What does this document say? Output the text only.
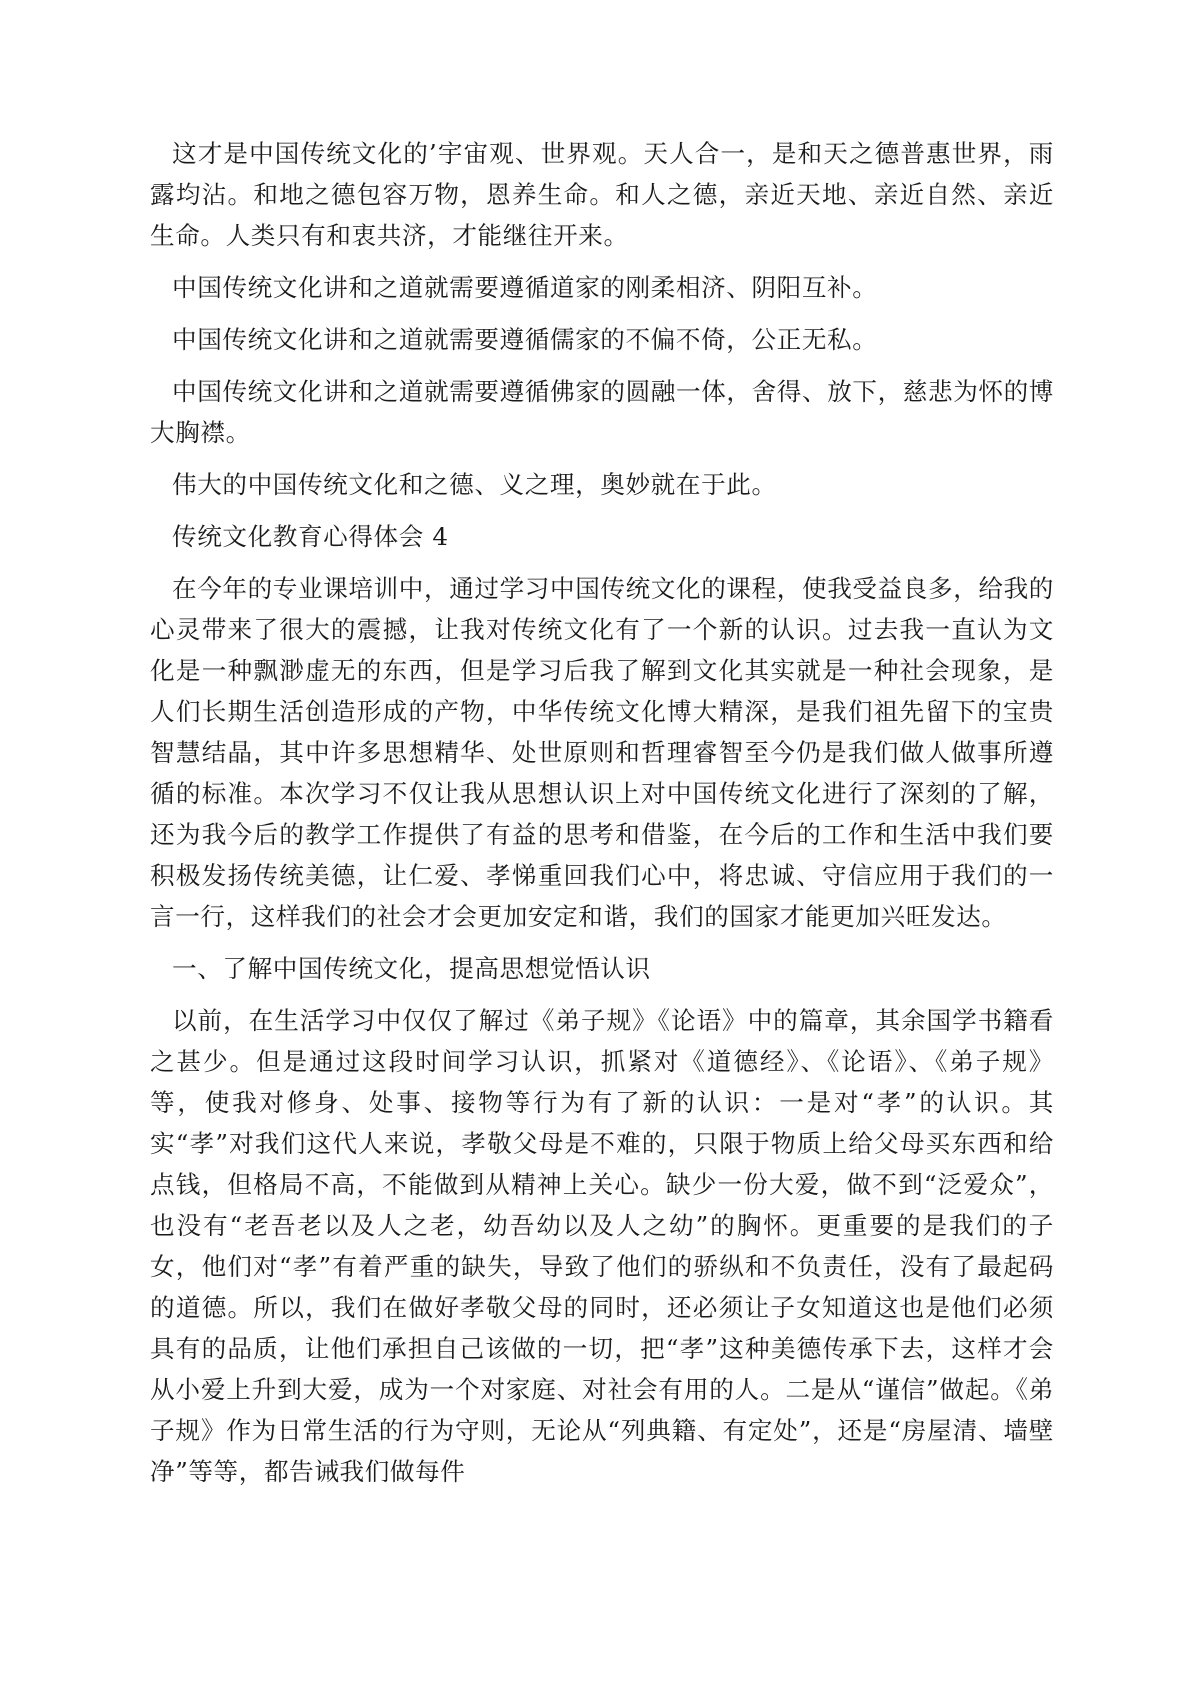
这才是中国传统文化的’宇宙观、世界观。天人合一，是和天之德普惠世界，雨露均沾。和地之德包容万物，恩养生命。和人之德，亲近天地、亲近自然、亲近生命。人类只有和衷共济，才能继往开来。

中国传统文化讲和之道就需要遵循道家的刚柔相济、阴阳互补。

中国传统文化讲和之道就需要遵循儒家的不偏不倚，公正无私。

中国传统文化讲和之道就需要遵循佛家的圆融一体，舍得、放下，慈悲为怀的博大胸襟。

伟大的中国传统文化和之德、义之理，奥妙就在于此。

传统文化教育心得体会 4

在今年的专业课培训中，通过学习中国传统文化的课程，使我受益良多，给我的心灵带来了很大的震撼，让我对传统文化有了一个新的认识。过去我一直认为文化是一种飘渺虚无的东西，但是学习后我了解到文化其实就是一种社会现象，是人们长期生活创造形成的产物，中华传统文化博大精深，是我们祖先留下的宝贵智慧结晶，其中许多思想精华、处世原则和哲理睿智至今仍是我们做人做事所遵循的标准。本次学习不仅让我从思想认识上对中国传统文化进行了深刻的了解，还为我今后的教学工作提供了有益的思考和借鉴，在今后的工作和生活中我们要积极发扬传统美德，让仁爱、孝悌重回我们心中，将忠诚、守信应用于我们的一言一行，这样我们的社会才会更加安定和谐，我们的国家才能更加兴旺发达。

一、了解中国传统文化，提高思想觉悟认识

以前，在生活学习中仅仅了解过《弟子规》《论语》中的篇章，其余国学书籍看之甚少。但是通过这段时间学习认识，抓紧对《道德经》、《论语》、《弟子规》等，使我对修身、处事、接物等行为有了新的认识：一是对“孝”的认识。其实“孝”对我们这代人来说，孝敬父母是不难的，只限于物质上给父母买东西和给点钱，但格局不高，不能做到从精神上关心。缺少一份大爱，做不到“泛爱众”，也没有“老吾老以及人之老，幼吾幼以及人之幼”的胸怀。更重要的是我们的子女，他们对“孝”有着严重的缺失，导致了他们的骄纵和不负责任，没有了最起码的道德。所以，我们在做好孝敬父母的同时，还必须让子女知道这也是他们必须具有的品质，让他们承担自己该做的一切，把“孝”这种美德传承下去，这样才会从小爱上升到大爱，成为一个对家庭、对社会有用的人。二是从“谨信”做起。《弟子规》作为日常生活的行为守则，无论从“列典籍、有定处”，还是“房屋清、墙壁净”等等，都告诫我们做每件
